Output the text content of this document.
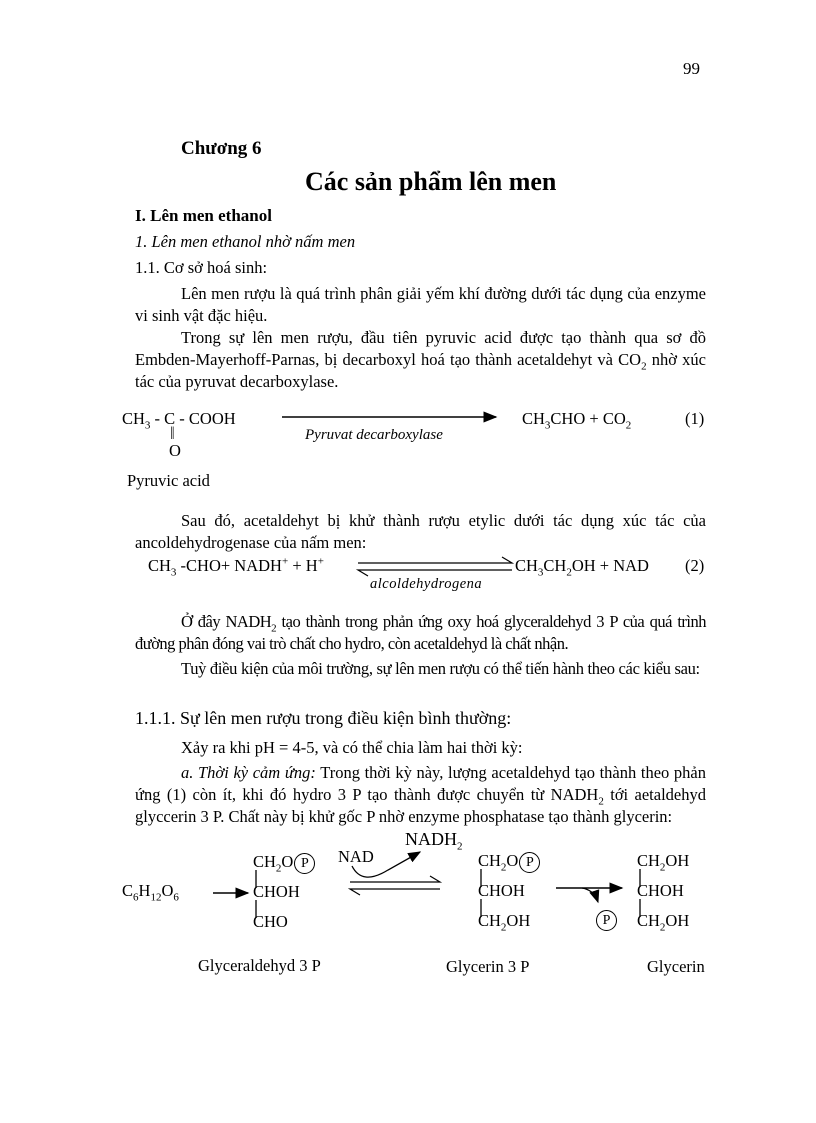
99
Chương 6
Các sản phẩm lên men
I. Lên men ethanol
1. Lên men ethanol nhờ nấm men
1.1. Cơ sở hoá sinh:
Lên men rượu là quá trình phân giải yếm khí đường dưới tác dụng của enzyme vi sinh vật đặc hiệu.
Trong sự lên men rượu, đầu tiên pyruvic acid được tạo thành qua sơ đồ Embden-Mayerhoff-Parnas, bị decarboxyl hoá tạo thành acetaldehyt và $CO_2$ nhờ xúc tác của pyruvat decarboxylase.
$CH_3$ - C - COOH
||
O
Pyruvat decarboxylase
$CH_3CHO + CO_2$	(1)
Pyruvic acid
Sau đó, acetaldehyt bị khử thành rượu etylic dưới tác dụng xúc tác của ancoldehydrogenase của nấm men:
$CH_3$ -CHO+ NADH+ + H+	$CH_3CH_2OH$ + NAD (2)
alcoldehydrogena
Ở đây $NADH_2$ tạo thành trong phản ứng oxy hoá glyceraldehyd 3 P của quá trình đường phân đóng vai trò chất cho hydro, còn acetaldehyd là chất nhận.
Tuỳ điều kiện của môi trường, sự lên men rượu có thể tiến hành theo các kiểu sau:
1.1.1. Sự lên men rượu trong điều kiện bình thường:
Xảy ra khi pH = 4-5, và có thể chia làm hai thời kỳ:
a. Thời kỳ cảm ứng: Trong thời kỳ này, lượng acetaldehyd tạo thành theo phản ứng (1) còn ít, khi đó hydro 3 P tạo thành được chuyển từ $NADH_2$ tới aetaldehyd glyccerin 3 P. Chất này bị khử gốc P nhờ enzyme phosphatase tạo thành glycerin:
$C_6H_{12}O_6$
$CH_2O$ P
CHOH
CHO
NAD
$NADH_2$
$CH_2O$ P
CHOH
$CH_2OH$	P
$CH_2OH$
CHOH
$CH_2OH$
Glyceraldehyd 3 P	Glycerin 3 P	Glycerin
